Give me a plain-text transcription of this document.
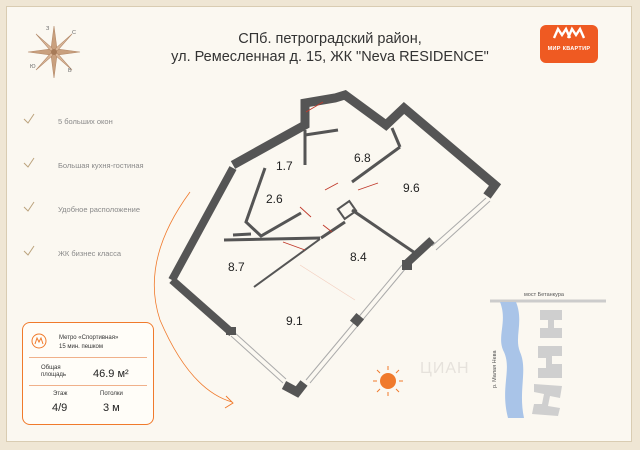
З
С
Ю
В
СПб. петроградский район,
ул. Ремесленная д. 15, ЖК "Neva RESIDENCE"	МИР КВАРТИР
5 больших окон
Большая кухня-гостиная
Удобное расположение
ЖК бизнес класса
1.7
6.8
9.6
2.6
8.7
8.4
9.1
Метро «Спортивная»
15 мин. пешком
Общая
площадь 46.9 м²
Этаж
4/9
Потолки
3 м
мост Бетанкура
р. Малая Нева
ЦИАН
